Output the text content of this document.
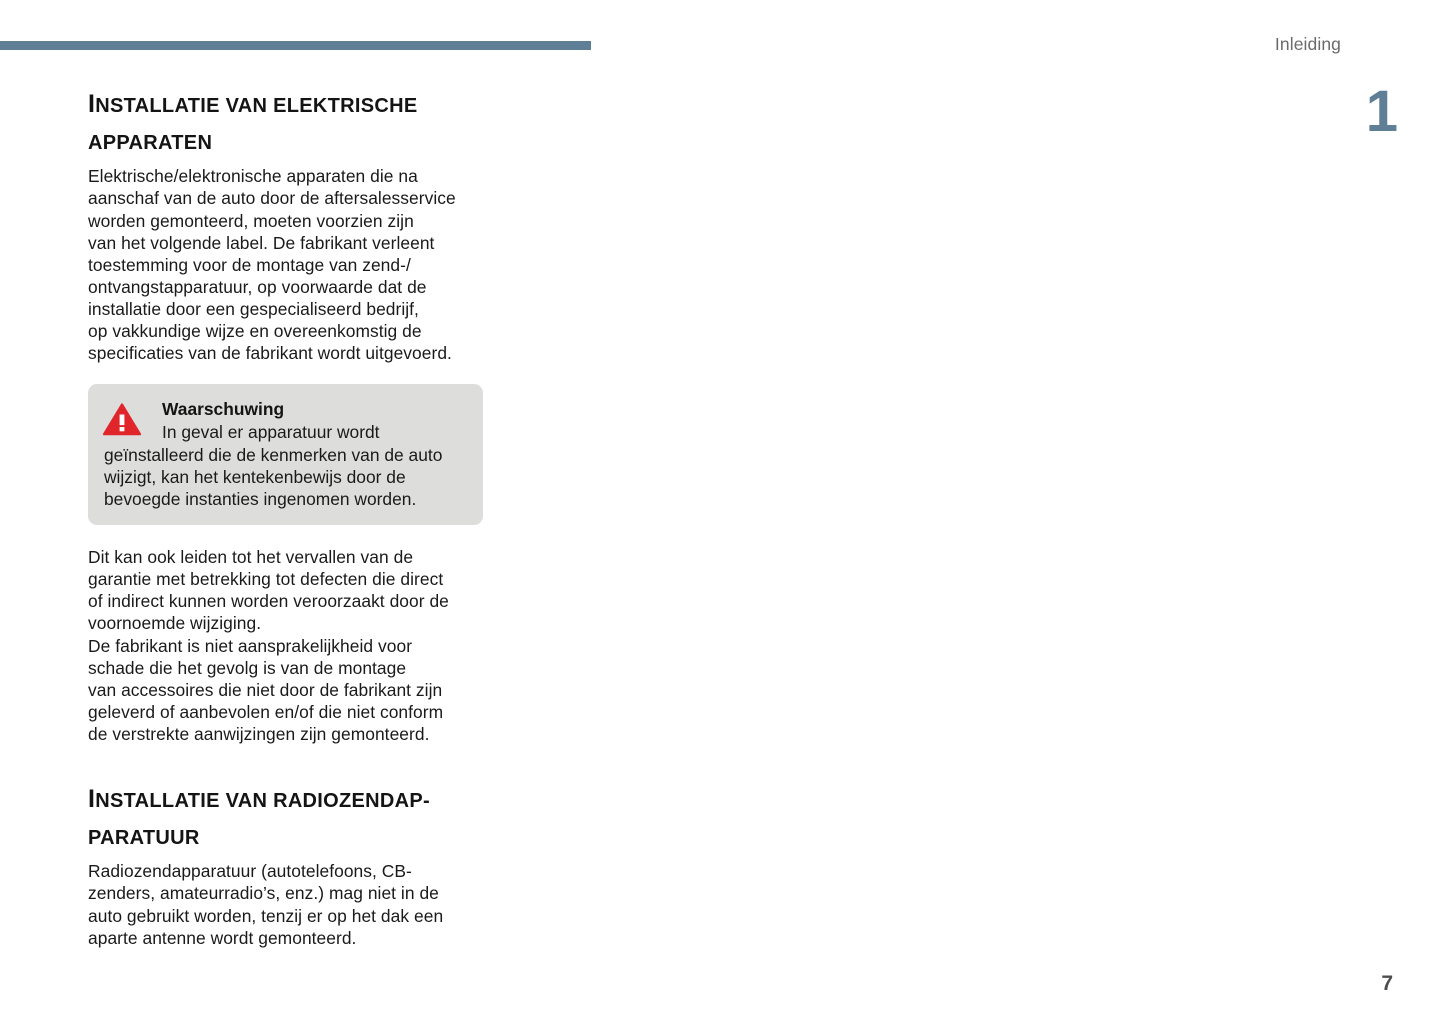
Inleiding
1
INSTALLATIE VAN ELEKTRISCHE
APPARATEN

Elektrische/elektronische apparaten die na
aanschaf van de auto door de aftersalesservice
worden gemonteerd, moeten voorzien zijn
van het volgende label. De fabrikant verleent
toestemming voor de montage van zend-/
ontvangstapparatuur, op voorwaarde dat de
installatie door een gespecialiseerd bedrijf,
op vakkundige wijze en overeenkomstig de
specificaties van de fabrikant wordt uitgevoerd.

Waarschuwing

In geval er apparatuur wordt
geïnstalleerd die de kenmerken van de auto
wijzigt, kan het kentekenbewijs door de
bevoegde instanties ingenomen worden.

Dit kan ook leiden tot het vervallen van de
garantie met betrekking tot defecten die direct
of indirect kunnen worden veroorzaakt door de
voornoemde wijziging.
De fabrikant is niet aansprakelijkheid voor
schade die het gevolg is van de montage
van accessoires die niet door de fabrikant zijn
geleverd of aanbevolen en/of die niet conform
de verstrekte aanwijzingen zijn gemonteerd.

INSTALLATIE VAN RADIOZENDAP-
PARATUUR

Radiozendapparatuur (autotelefoons, CB-
zenders, amateurradio’s, enz.) mag niet in de
auto gebruikt worden, tenzij er op het dak een
aparte antenne wordt gemonteerd.

7
